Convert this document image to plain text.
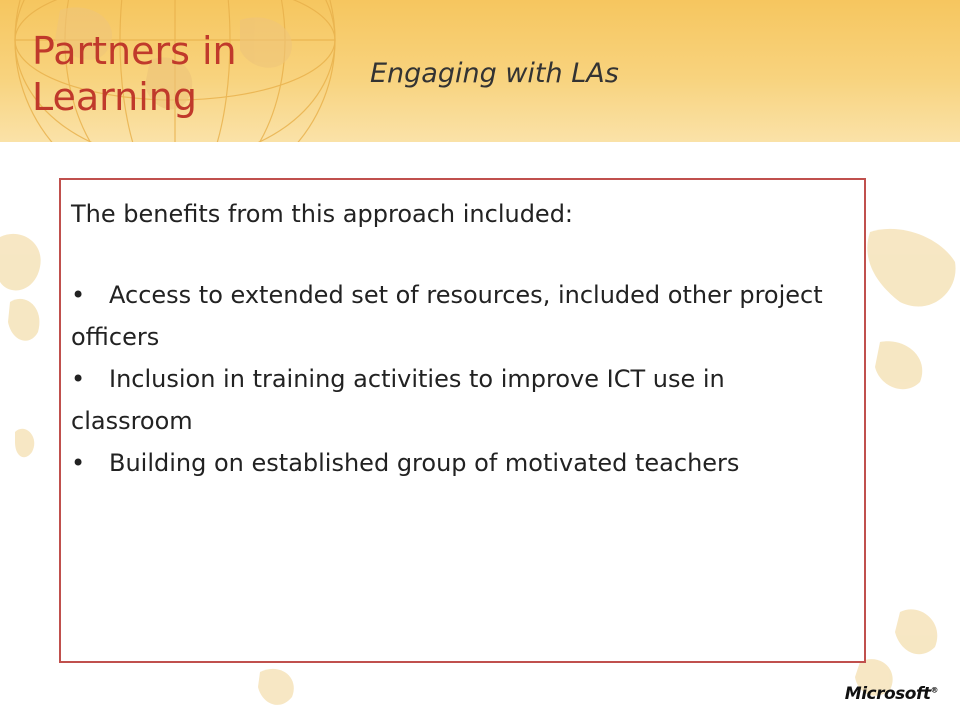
Partners in
Learning
Engaging with LAs

The benefits from this approach included:

• Access to extended set of resources, included other project officers
• Inclusion in training activities to improve ICT use in classroom
• Building on established group of motivated teachers
Microsoft®
